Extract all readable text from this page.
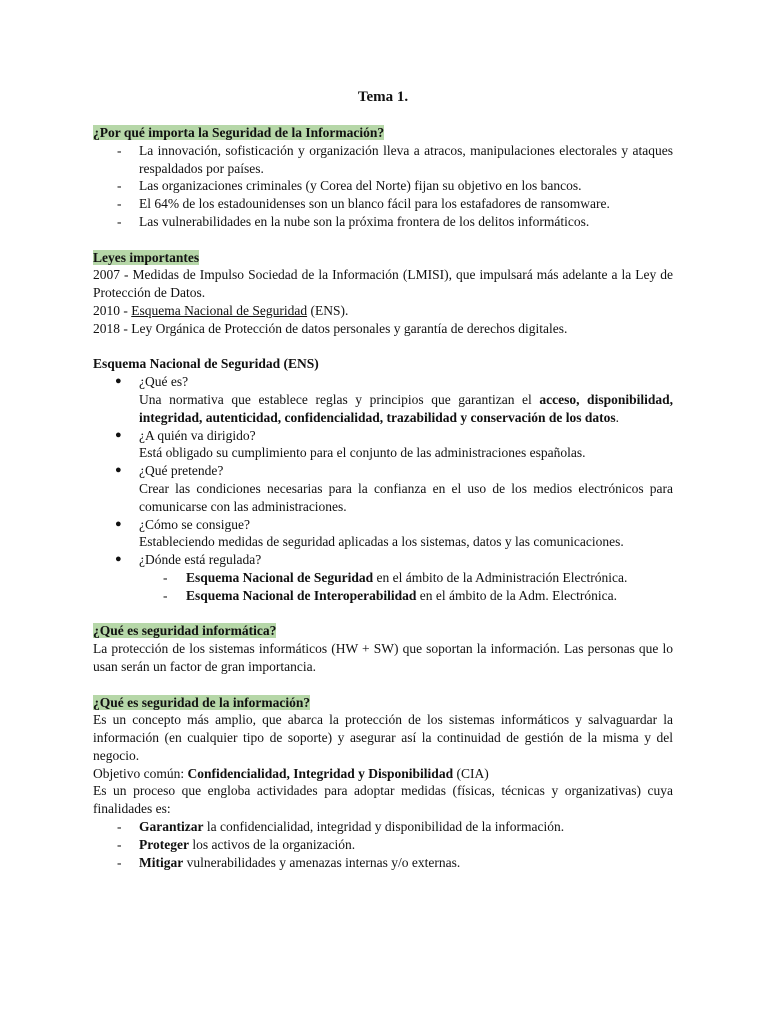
Tema 1.
¿Por qué importa la Seguridad de la Información?
- La innovación, sofisticación y organización lleva a atracos, manipulaciones electorales y ataques respaldados por países.
- Las organizaciones criminales (y Corea del Norte) fijan su objetivo en los bancos.
- El 64% de los estadounidenses son un blanco fácil para los estafadores de ransomware.
- Las vulnerabilidades en la nube son la próxima frontera de los delitos informáticos.
Leyes importantes
2007 - Medidas de Impulso Sociedad de la Información (LMISI), que impulsará más adelante a la Ley de Protección de Datos.
2010 - Esquema Nacional de Seguridad (ENS).
2018 - Ley Orgánica de Protección de datos personales y garantía de derechos digitales.
Esquema Nacional de Seguridad (ENS)
● ¿Qué es?
Una normativa que establece reglas y principios que garantizan el acceso, disponibilidad, integridad, autenticidad, confidencialidad, trazabilidad y conservación de los datos.
● ¿A quién va dirigido?
Está obligado su cumplimiento para el conjunto de las administraciones españolas.
● ¿Qué pretende?
Crear las condiciones necesarias para la confianza en el uso de los medios electrónicos para comunicarse con las administraciones.
● ¿Cómo se consigue?
Estableciendo medidas de seguridad aplicadas a los sistemas, datos y las comunicaciones.
● ¿Dónde está regulada?
- Esquema Nacional de Seguridad en el ámbito de la Administración Electrónica.
- Esquema Nacional de Interoperabilidad en el ámbito de la Adm. Electrónica.
¿Qué es seguridad informática?
La protección de los sistemas informáticos (HW + SW) que soportan la información. Las personas que lo usan serán un factor de gran importancia.
¿Qué es seguridad de la información?
Es un concepto más amplio, que abarca la protección de los sistemas informáticos y salvaguardar la información (en cualquier tipo de soporte) y asegurar así la continuidad de gestión de la misma y del negocio.
Objetivo común: Confidencialidad, Integridad y Disponibilidad (CIA)
Es un proceso que engloba actividades para adoptar medidas (físicas, técnicas y organizativas) cuya finalidades es:
- Garantizar la confidencialidad, integridad y disponibilidad de la información.
- Proteger los activos de la organización.
- Mitigar vulnerabilidades y amenazas internas y/o externas.
